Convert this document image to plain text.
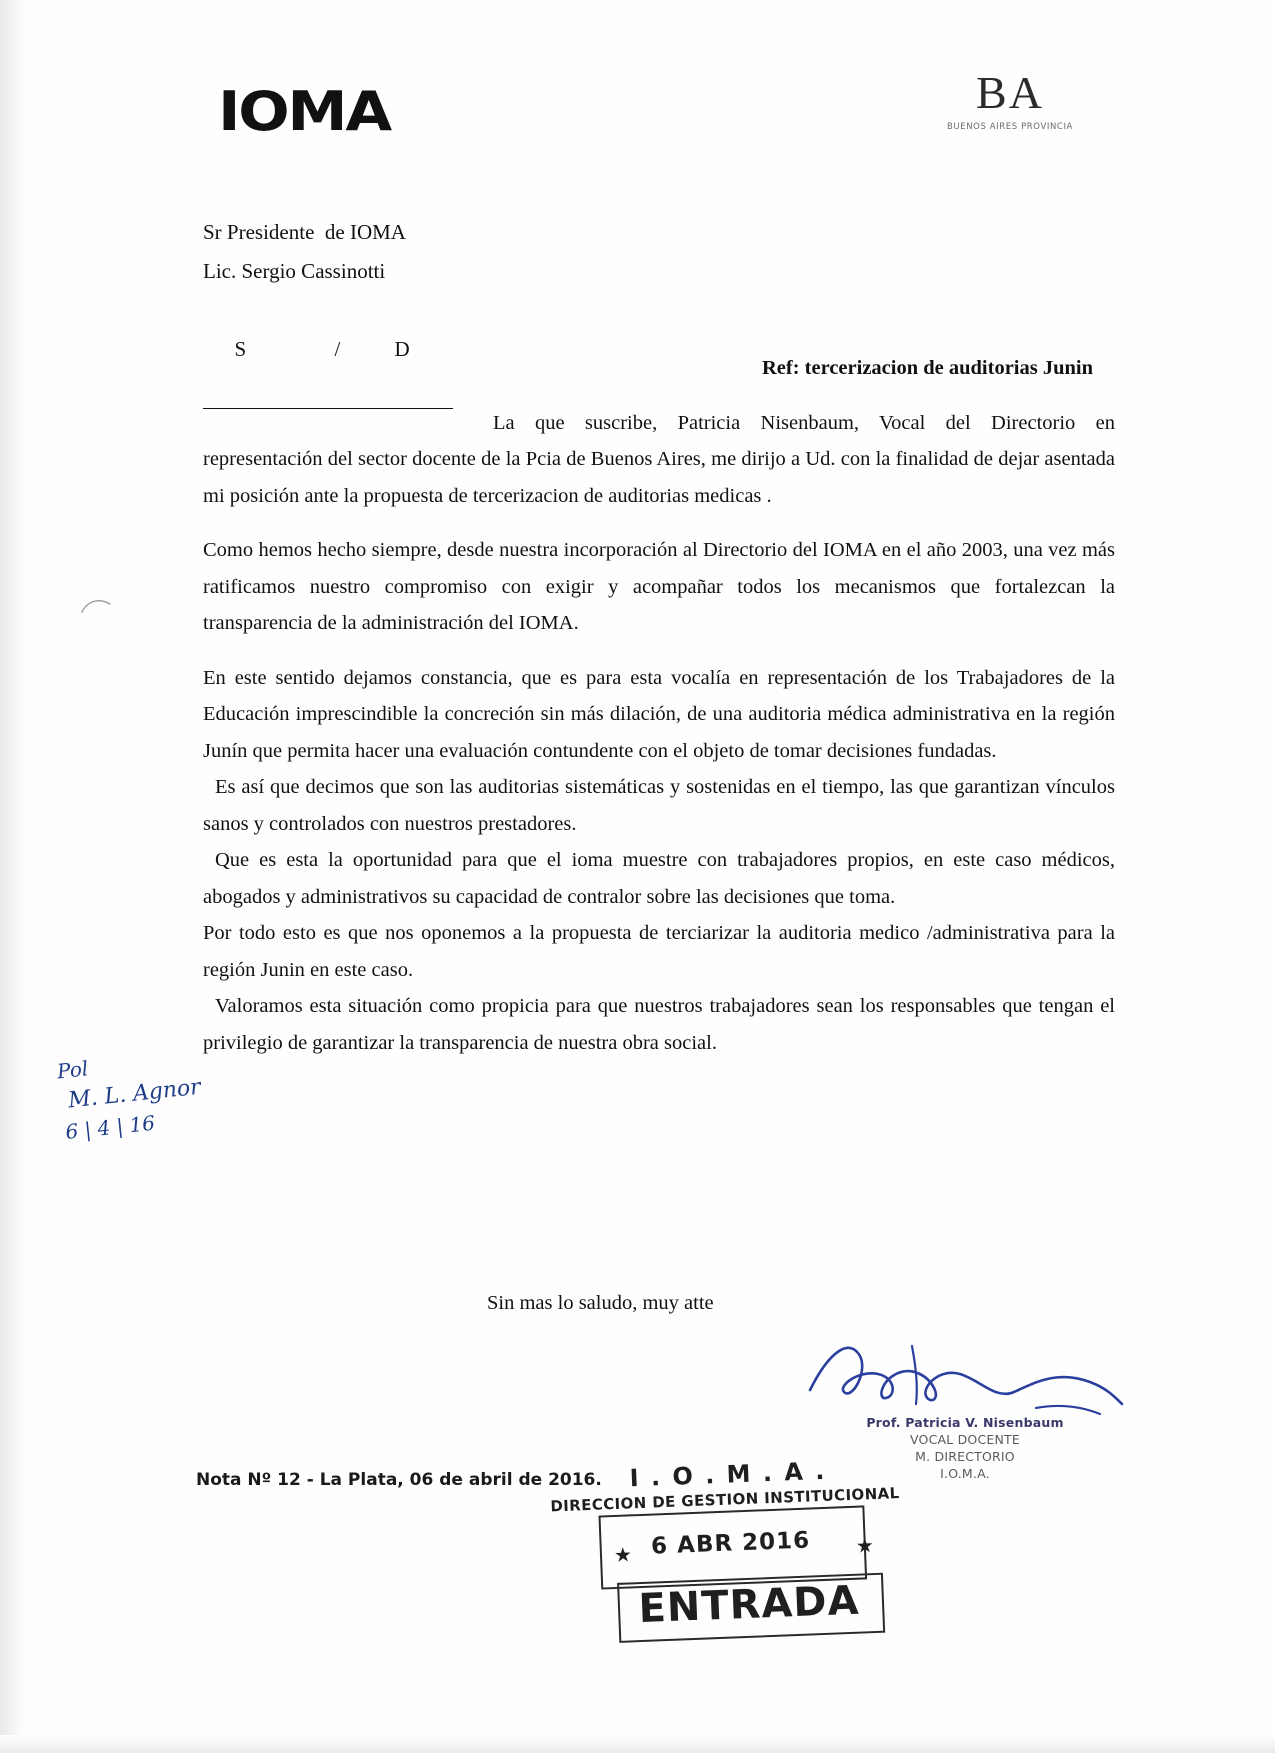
IOMA	BA
BUENOS AIRES PROVINCIA
Sr Presidente  de IOMA
Lic. Sergio Cassinotti

S	/	D

Ref: tercerizacion de auditorias Junin

La que suscribe, Patricia Nisenbaum, Vocal del Directorio en representación del sector docente de la Pcia de Buenos Aires, me dirijo a Ud. con la finalidad de dejar asentada mi posición ante la propuesta de tercerizacion de auditorias medicas .

Como hemos hecho siempre, desde nuestra incorporación al Directorio del IOMA en el año 2003, una vez más ratificamos nuestro compromiso con exigir y acompañar todos los mecanismos que fortalezcan la transparencia de la administración del IOMA.

En este sentido dejamos constancia, que es para esta vocalía en representación de los Trabajadores de la Educación imprescindible la concreción sin más dilación, de una auditoria médica administrativa en la región Junín que permita hacer una evaluación contundente con el objeto de tomar decisiones fundadas.

Es así que decimos que son las auditorias sistemáticas y sostenidas en el tiempo, las que garantizan vínculos sanos y controlados con nuestros prestadores.

Que es esta la oportunidad para que el ioma muestre con trabajadores propios, en este caso médicos, abogados y administrativos su capacidad de contralor sobre las decisiones que toma.

Por todo esto es que nos oponemos a la propuesta de terciarizar la auditoria medico /administrativa para la región Junin en este caso.

Valoramos esta situación como propicia para que nuestros trabajadores sean los responsables que tengan el privilegio de garantizar la transparencia de nuestra obra social.

Sin mas lo saludo, muy atte
Prof. Patricia V. Nisenbaum
VOCAL DOCENTE
M. DIRECTORIO
I.O.M.A.
Nota Nº 12 - La Plata, 06 de abril de 2016.	I . O . M . A .
DIRECCION DE GESTION INSTITUCIONAL
★ 6 ABR 2016	★
ENTRADA
Pol
M. L. Agnor
6 | 4 | 16
